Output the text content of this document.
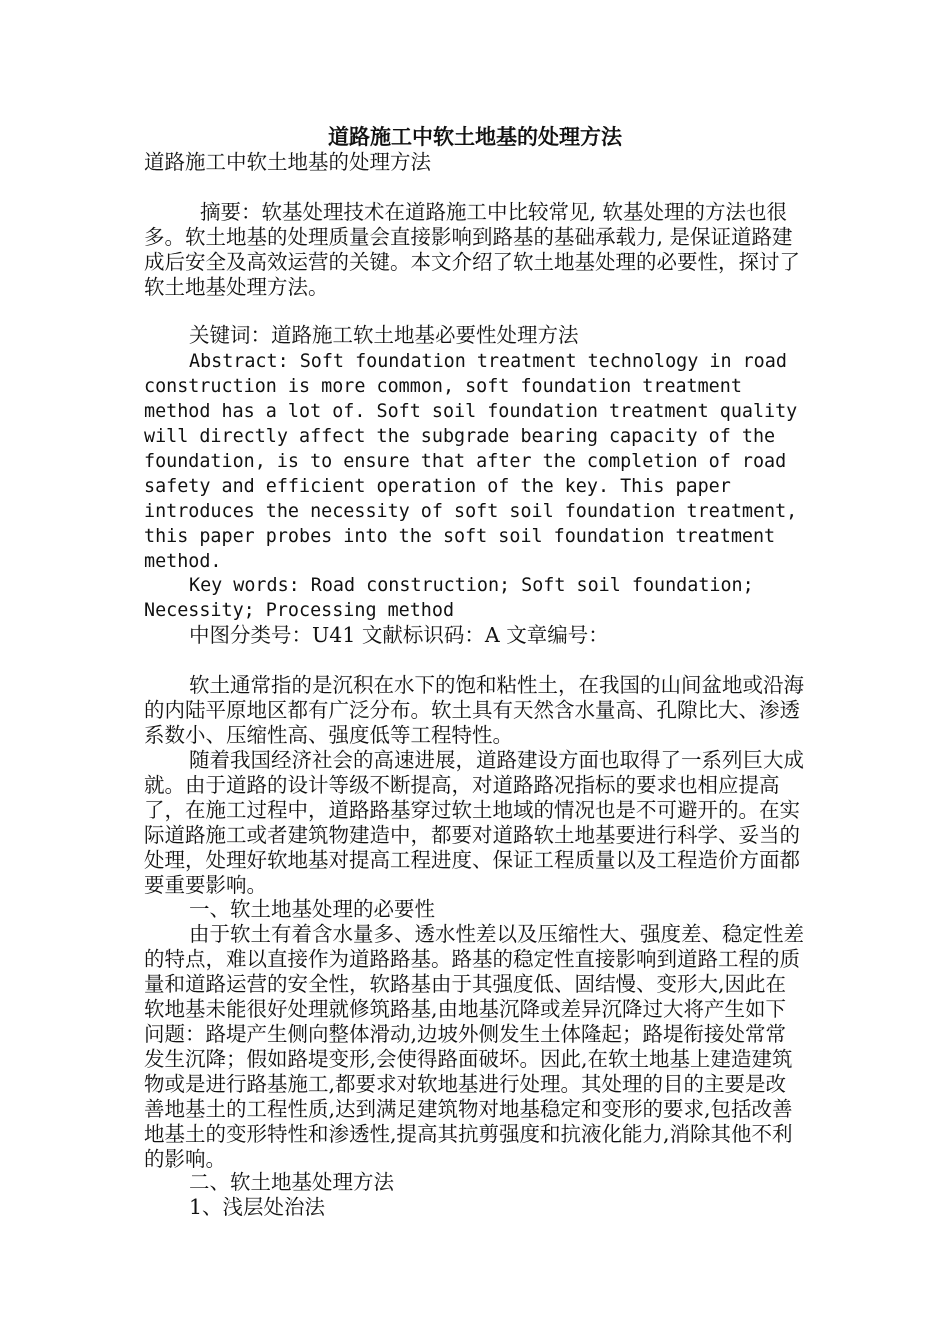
道路施工中软土地基的处理方法

道路施工中软土地基的处理方法

摘要：软基处理技术在道路施工中比较常见, 软基处理的方法也很多。软土地基的处理质量会直接影响到路基的基础承载力, 是保证道路建成后安全及高效运营的关键。本文介绍了软土地基处理的必要性，探讨了软土地基处理方法。

关键词：道路施工软土地基必要性处理方法

Abstract: Soft foundation treatment technology in road construction is more common, soft foundation treatment method has a lot of. Soft soil foundation treatment quality will directly affect the subgrade bearing capacity of the foundation, is to ensure that after the completion of road safety and efficient operation of the key. This paper introduces the necessity of soft soil foundation treatment, this paper probes into the soft soil foundation treatment method.

Key words: Road construction; Soft soil foundation; Necessity; Processing method

中图分类号：U41 文献标识码：A 文章编号：

软土通常指的是沉积在水下的饱和粘性土，在我国的山间盆地或沿海的内陆平原地区都有广泛分布。软土具有天然含水量高、孔隙比大、渗透系数小、压缩性高、强度低等工程特性。

随着我国经济社会的高速进展，道路建设方面也取得了一系列巨大成就。由于道路的设计等级不断提高，对道路路况指标的要求也相应提高了，在施工过程中，道路路基穿过软土地域的情况也是不可避开的。在实际道路施工或者建筑物建造中，都要对道路软土地基要进行科学、妥当的处理，处理好软地基对提高工程进度、保证工程质量以及工程造价方面都要重要影响。

一、软土地基处理的必要性

由于软土有着含水量多、透水性差以及压缩性大、强度差、稳定性差的特点，难以直接作为道路路基。路基的稳定性直接影响到道路工程的质量和道路运营的安全性，软路基由于其强度低、固结慢、变形大,因此在软地基未能很好处理就修筑路基,由地基沉降或差异沉降过大将产生如下问题：路堤产生侧向整体滑动,边坡外侧发生土体隆起；路堤衔接处常常发生沉降；假如路堤变形,会使得路面破坏。因此,在软土地基上建造建筑物或是进行路基施工,都要求对软地基进行处理。其处理的目的主要是改善地基土的工程性质,达到满足建筑物对地基稳定和变形的要求,包括改善地基土的变形特性和渗透性,提高其抗剪强度和抗液化能力,消除其他不利的影响。

二、软土地基处理方法

1、浅层处治法
